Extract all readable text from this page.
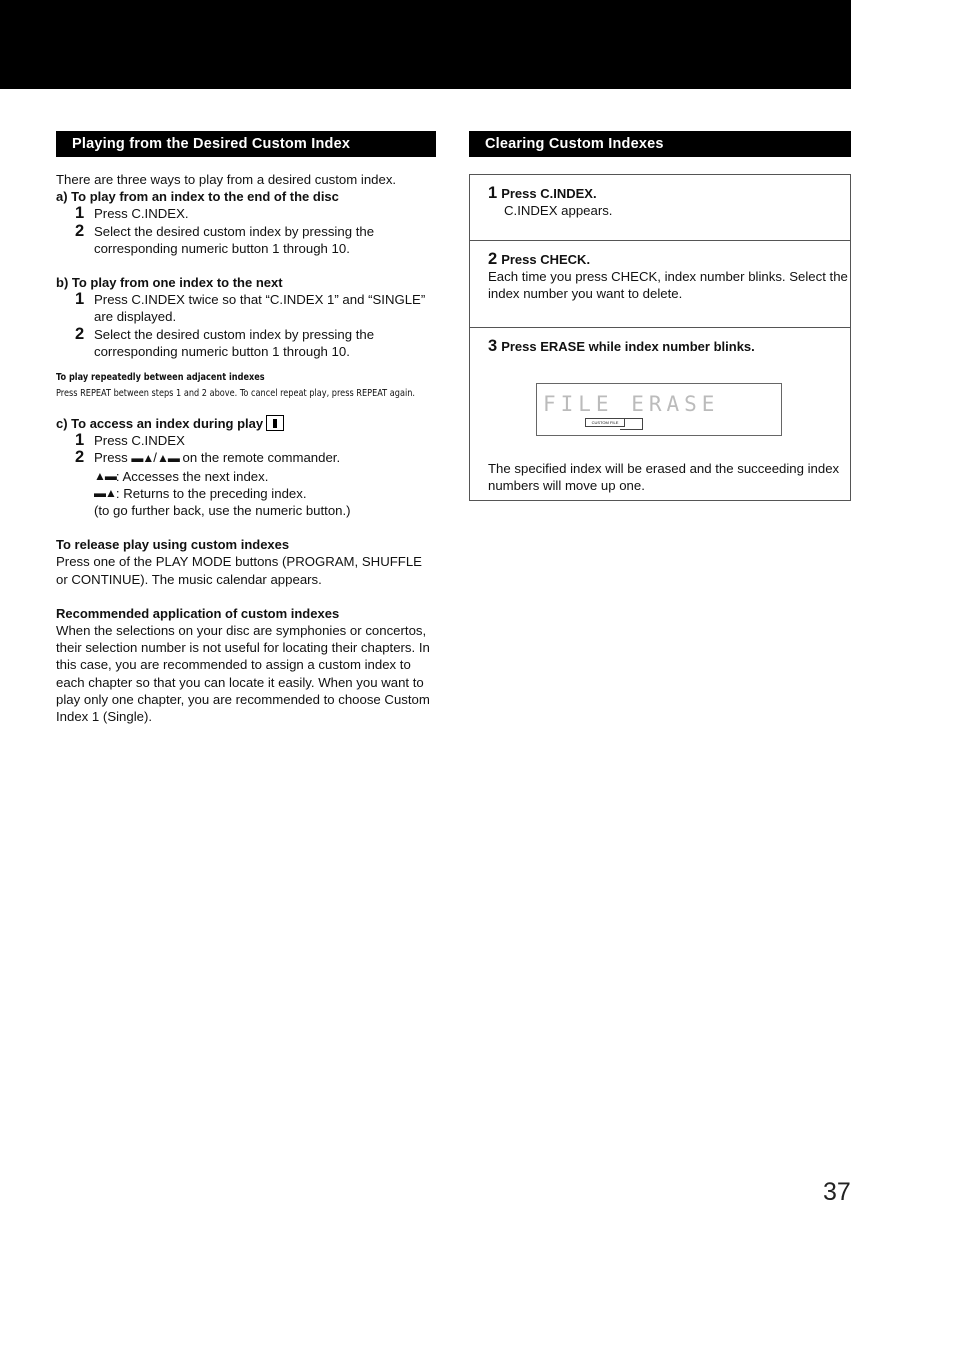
Playing from the Desired Custom Index
There are three ways to play from a desired custom index.
a) To play from an index to the end of the disc
1 Press C.INDEX.
2 Select the desired custom index by pressing the corresponding numeric button 1 through 10.
b) To play from one index to the next
1 Press C.INDEX twice so that “C.INDEX 1” and “SINGLE” are displayed.
2 Select the desired custom index by pressing the corresponding numeric button 1 through 10.
To play repeatedly between adjacent indexes
Press REPEAT between steps 1 and 2 above. To cancel repeat play, press REPEAT again.
c) To access an index during play
1 Press C.INDEX
2 Press ▬▲/▲▬ on the remote commander.
▲▬ : Accesses the next index.
▬▲ : Returns to the preceding index.
(to go further back, use the numeric button.)
To release play using custom indexes
Press one of the PLAY MODE buttons (PROGRAM, SHUFFLE or CONTINUE). The music calendar appears.
Recommended application of custom indexes
When the selections on your disc are symphonies or concertos, their selection number is not useful for locating their chapters. In this case, you are recommended to assign a custom index to each chapter so that you can locate it easily. When you want to play only one chapter, you are recommended to choose Custom Index 1 (Single).
Clearing Custom Indexes
1 Press C.INDEX.
C.INDEX appears.
2 Press CHECK.
Each time you press CHECK, index number blinks. Select the index number you want to delete.
3 Press ERASE while index number blinks.
FILE ERASE
CUSTOM FILE
The specified index will be erased and the succeeding index numbers will move up one.
37
